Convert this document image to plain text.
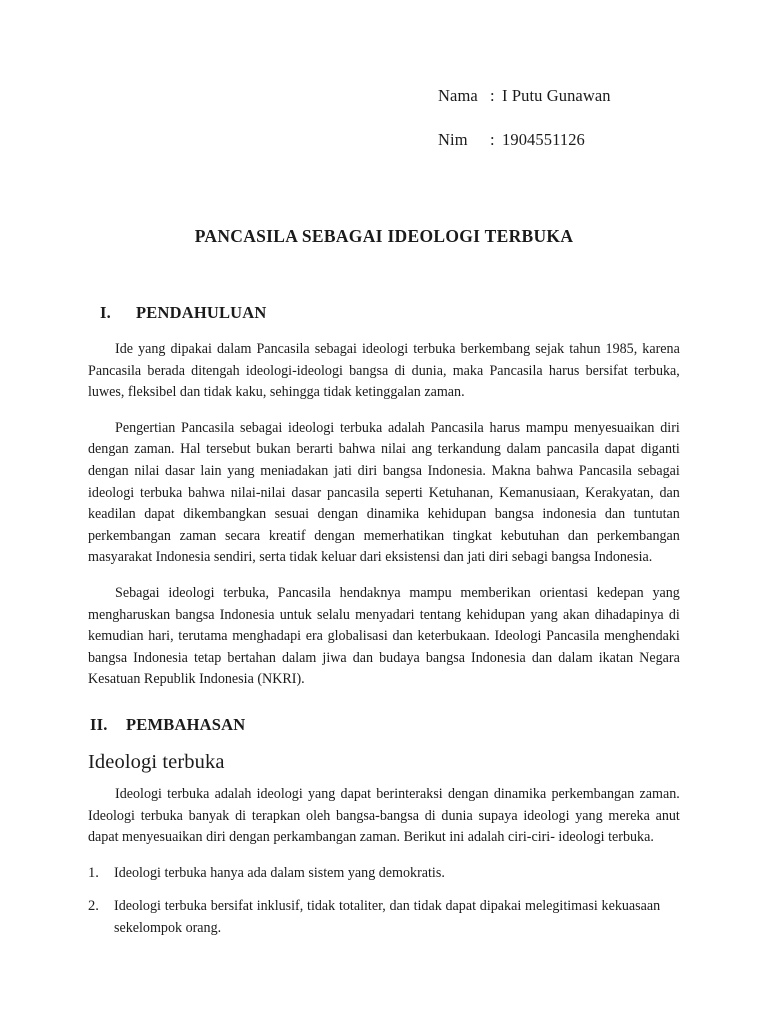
Nama : I Putu Gunawan
Nim	: 1904551126
PANCASILA SEBAGAI IDEOLOGI TERBUKA
I.	PENDAHULUAN

Ide yang dipakai dalam Pancasila sebagai ideologi terbuka berkembang sejak tahun 1985, karena Pancasila berada ditengah ideologi-ideologi bangsa di dunia, maka Pancasila harus bersifat terbuka, luwes, fleksibel dan tidak kaku, sehingga tidak ketinggalan zaman.

Pengertian Pancasila sebagai ideologi terbuka adalah Pancasila harus mampu menyesuaikan diri dengan zaman. Hal tersebut bukan berarti bahwa nilai ang terkandung dalam pancasila dapat diganti dengan nilai dasar lain yang meniadakan jati diri bangsa Indonesia. Makna bahwa Pancasila sebagai ideologi terbuka bahwa nilai-nilai dasar pancasila seperti Ketuhanan, Kemanusiaan, Kerakyatan, dan keadilan dapat dikembangkan sesuai dengan dinamika kehidupan bangsa indonesia dan tuntutan perkembangan zaman secara kreatif dengan memerhatikan tingkat kebutuhan dan perkembangan masyarakat Indonesia sendiri, serta tidak keluar dari eksistensi dan jati diri sebagi bangsa Indonesia.

Sebagai ideologi terbuka, Pancasila hendaknya mampu memberikan orientasi kedepan yang mengharuskan bangsa Indonesia untuk selalu menyadari tentang kehidupan yang akan dihadapinya di kemudian hari, terutama menghadapi era globalisasi dan keterbukaan. Ideologi Pancasila menghendaki bangsa Indonesia tetap bertahan dalam jiwa dan budaya bangsa Indonesia dan dalam ikatan Negara Kesatuan Republik Indonesia (NKRI).

II.	PEMBAHASAN
Ideologi terbuka

Ideologi terbuka adalah ideologi yang dapat berinteraksi dengan dinamika perkembangan zaman. Ideologi terbuka banyak di terapkan oleh bangsa-bangsa di dunia supaya ideologi yang mereka anut dapat menyesuaikan diri dengan perkambangan zaman. Berikut ini adalah ciri-ciri- ideologi terbuka.

1.	Ideologi terbuka hanya ada dalam sistem yang demokratis.
2.	Ideologi terbuka bersifat inklusif, tidak totaliter, dan tidak dapat dipakai melegitimasi kekuasaan sekelompok orang.
